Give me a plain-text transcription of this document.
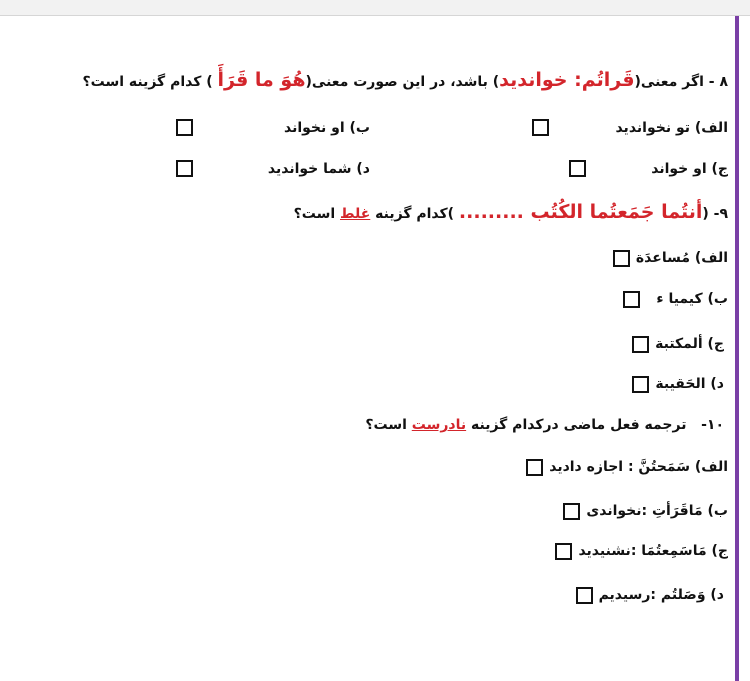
۸ - اگر معنی(قَراتُم: خواندید) باشد، در این صورت معنی(هُوَ ما قَرَأَ ) کدام گزینه است؟
الف) تو نخواندید
ب) او نخواند
ج) او خواند
د) شما خواندید
۹- (أنتُما جَمَعتُما الکُتُب ......... )کدام گزینه غلط است؟
الف) مُساعدَة
ب) کیمیا ء
ج) ألمکتبة
د) الحَقیبة
۱۰-   ترجمه فعل ماضی درکدام گزینه نادرست است؟
الف) سَمَحتُنَّ : اجازه دادید
ب) مَاقَرَأتِ :نخواندی
ج) مَاسَمِعتُمَا :نشنیدید
د) وَصَلتُم :رسیدیم
